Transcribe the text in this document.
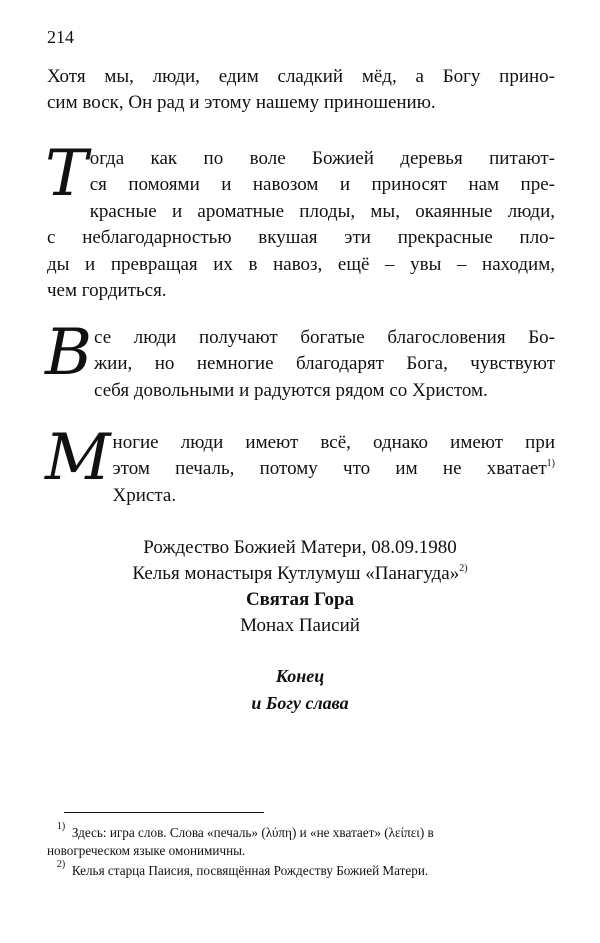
214
Хотя мы, люди, едим сладкий мёд, а Богу прино-
сим воск, Он рад и этому нашему приношению.
Т огда как по воле Божией деревья питают-
ся помоями и навозом и приносят нам пре-
красные и ароматные плоды, мы, окаянные люди,
с неблагодарностью вкушая эти прекрасные пло-
ды и превращая их в навоз, ещё – увы – находим,
чем гордиться.
В се люди получают богатые благословения Бо-
жии, но немногие благодарят Бога, чувствуют
себя довольными и радуются рядом со Христом.
М ногие люди имеют всё, однако имеют при
этом печаль, потому что им не хватает$^{1)}$
Христа.
Рождество Божией Матери, 08.09.1980
Келья монастыря Кутлумуш «Панагуда»$^{2)}$
Святая Гора
Монах Паисий
Конец
и Богу слава
$^{1)}$ Здесь: игра слов. Слова «печаль» (λύπη) и «не хватает» (λείπει) в
новогреческом языке омонимичны.
$^{2)}$ Келья старца Паисия, посвящённая Рождеству Божией Матери.
